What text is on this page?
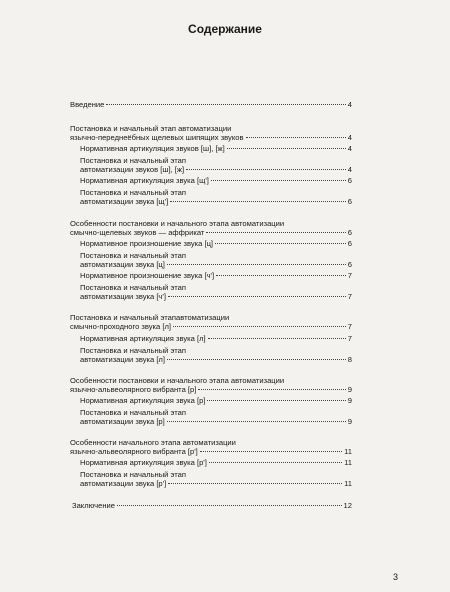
Содержание
Введение	4
Постановка и начальный этап автоматизации
язычно-переднеёбных щелевых шипящих звуков	4
Нормативная артикуляция звуков [ш], [ж]	4
Постановка и начальный этап
автоматизации звуков [ш], [ж]	4
Нормативная артикуляция звука [щ']	6
Постановка и начальный этап
автоматизации звука [щ']	6
Особенности постановки и начального этапа автоматизации
смычно-щелевых звуков — аффрикат	6
Нормативное произношение звука [ц]	6
Постановка и начальный этап
автоматизации звука [ц]	6
Нормативное произношение звука [ч']	7
Постановка и начальный этап
автоматизации звука [ч']	7
Постановка и начальный этапавтоматизации
смычно-проходного звука [л]	7
Нормативная артикуляция звука [л]	7
Постановка и начальный этап
автоматизации звука [л]	8
Особенности постановки и начального этапа автоматизации
язычно-альвеолярного вибранта [р]	9
Нормативная артикуляция звука [р]	9
Постановка и начальный этап
автоматизации звука [р]	9
Особенности начального этапа автоматизации
язычно-альвеолярного вибранта [р']	11
Нормативная артикуляция звука [р']	11
Постановка и начальный этап
автоматизации звука [р']	11
Заключение	12
3
